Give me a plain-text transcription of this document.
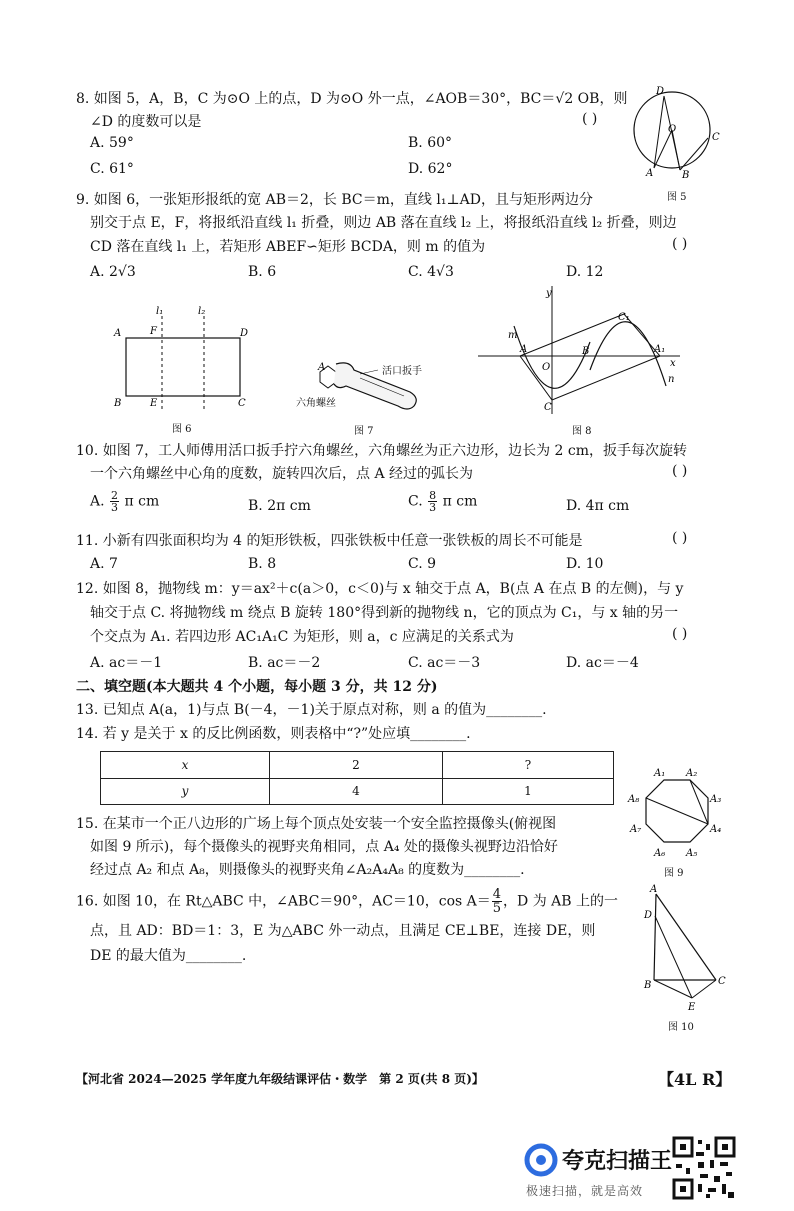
8. 如图 5，A，B，C 为⊙O 上的点，D 为⊙O 外一点，∠AOB＝30°，BC＝√2 OB，则
∠D 的度数可以是	( )
A. 59°	B. 60°
C. 61°	D. 62°
D
O
C
A	B
图 5
9. 如图 6，一张矩形报纸的宽 AB＝2，长 BC＝m，直线 l₁⊥AD，且与矩形两边分
别交于点 E，F，将报纸沿直线 l₁ 折叠，则边 AB 落在直线 l₂ 上，将报纸沿直线 l₂ 折叠，则边
CD 落在直线 l₁ 上，若矩形 ABEF∽矩形 BCDA，则 m 的值为	( )
A. 2√3	B. 6	C. 4√3	D. 12
l₁	l₂
A	F	D
B	E	C
图 6
A	活口扳手
六角螺丝
图 7
y
m
A
O
B
C₁
A₁
x
n
C
图 8
10. 如图 7，工人师傅用活口扳手拧六角螺丝，六角螺丝为正六边形，边长为 2 cm，扳手每次旋转
一个六角螺丝中心角的度数，旋转四次后，点 A 经过的弧长为	( )
A. $\frac{2}{3}$ π cm	B. 2π cm	C. $\frac{8}{3}$ π cm	D. 4π cm
11. 小新有四张面积均为 4 的矩形铁板，四张铁板中任意一张铁板的周长不可能是	( )
A. 7	B. 8	C. 9	D. 10
12. 如图 8，抛物线 m：y＝ax²＋c(a＞0，c＜0)与 x 轴交于点 A，B(点 A 在点 B 的左侧)，与 y
轴交于点 C. 将抛物线 m 绕点 B 旋转 180°得到新的抛物线 n，它的顶点为 C₁，与 x 轴的另一
个交点为 A₁. 若四边形 AC₁A₁C 为矩形，则 a，c 应满足的关系式为	( )
A. ac＝－1	B. ac＝－2	C. ac＝－3	D. ac＝－4
二、填空题(本大题共 4 个小题，每小题 3 分，共 12 分)
13. 已知点 A(a，1)与点 B(－4，－1)关于原点对称，则 a 的值为________.
14. 若 y 是关于 x 的反比例函数，则表格中“?”处应填________.
x	2	?
y	4	1
15. 在某市一个正八边形的广场上每个顶点处安装一个安全监控摄像头(俯视图
如图 9 所示)，每个摄像头的视野夹角相同，点 A₄ 处的摄像头视野边沿恰好
经过点 A₂ 和点 A₈，则摄像头的视野夹角∠A₂A₄A₈ 的度数为________.
A₁ A₂
A₃
A₄
A₅
A₆
A₇
A₈
图 9
16. 如图 10，在 Rt△ABC 中，∠ABC＝90°，AC＝10，$\cos A= \frac{4}{5}$ ，D 为 AB 上的一
点，且 AD：BD＝1：3，E 为△ABC 外一动点，且满足 CE⊥BE，连接 DE，则
DE 的最大值为________.
A
D
B	C
E
图 10
【河北省 2024—2025 学年度九年级结课评估・数学　第 2 页(共 8 页)】	【4L R】
夸克扫描王
极速扫描，就是高效
